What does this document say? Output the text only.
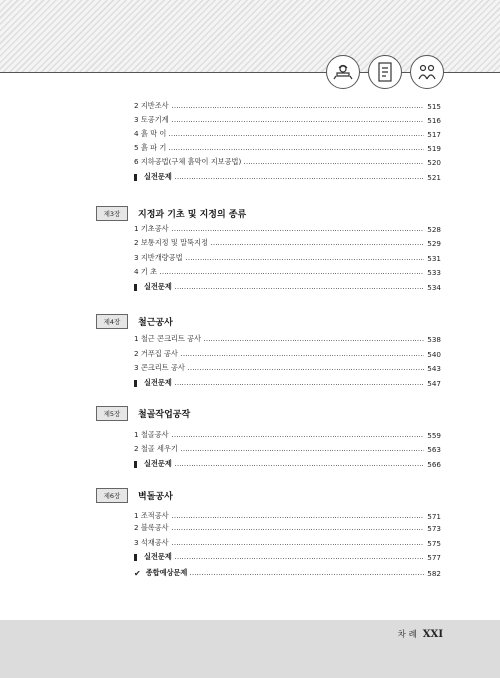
2 지반조사	515
3 토공기계	516
4 흙 막 이	517
5 흙 파 기	519
6 지하공법(구체 흙막이 지보공법)	520
실전문제	521
제3장	지정과 기초 및 지정의 종류
1 기초공사	528
2 보통지정 및 말뚝지정	529
3 지반개량공법	531
4 기 초	533
실전문제	534
제4장	철근공사
1 철근 콘크리트 공사	538
2 거푸집 공사	540
3 콘크리트 공사	543
실전문제	547
제5장	철골작업공작
1 철골공사	559
2 철골 세우기	563
실전문제	566
제6장	벽돌공사
1 조적공사	571
2 블록공사	573
3 석재공사	575
실전문제	577
✔ 종합예상문제	582
차 례 XXI
